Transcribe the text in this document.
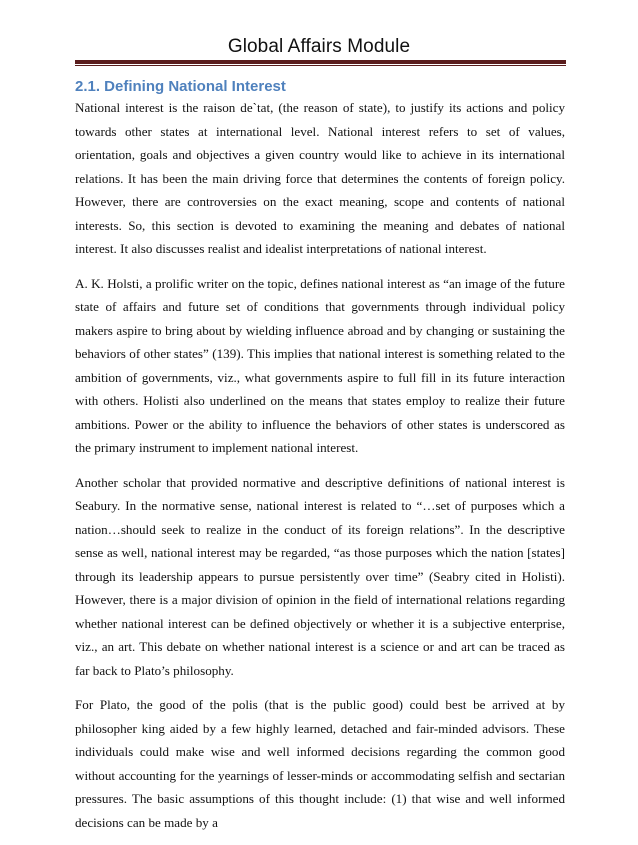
Global Affairs Module
2.1. Defining National Interest

National interest is the raison de`tat, (the reason of state), to justify its actions and policy towards other states at international level. National interest refers to set of values, orientation, goals and objectives a given country would like to achieve in its international relations. It has been the main driving force that determines the contents of foreign policy. However, there are controversies on the exact meaning, scope and contents of national interests. So, this section is devoted to examining the meaning and debates of national interest. It also discusses realist and idealist interpretations of national interest.

A. K. Holsti, a prolific writer on the topic, defines national interest as “an image of the future state of affairs and future set of conditions that governments through individual policy makers aspire to bring about by wielding influence abroad and by changing or sustaining the behaviors of other states” (139). This implies that national interest is something related to the ambition of governments, viz., what governments aspire to full fill in its future interaction with others. Holisti also underlined on the means that states employ to realize their future ambitions. Power or the ability to influence the behaviors of other states is underscored as the primary instrument to implement national interest.

Another scholar that provided normative and descriptive definitions of national interest is Seabury. In the normative sense, national interest is related to “…set of purposes which a nation…should seek to realize in the conduct of its foreign relations”. In the descriptive sense as well, national interest may be regarded, “as those purposes which the nation [states] through its leadership appears to pursue persistently over time” (Seabry cited in Holisti). However, there is a major division of opinion in the field of international relations regarding whether national interest can be defined objectively or whether it is a subjective enterprise, viz., an art. This debate on whether national interest is a science or and art can be traced as far back to Plato’s philosophy.

For Plato, the good of the polis (that is the public good) could best be arrived at by philosopher king aided by a few highly learned, detached and fair-minded advisors. These individuals could make wise and well informed decisions regarding the common good without accounting for the yearnings of lesser-minds or accommodating selfish and sectarian pressures. The basic assumptions of this thought include: (1) that wise and well informed decisions can be made by a
